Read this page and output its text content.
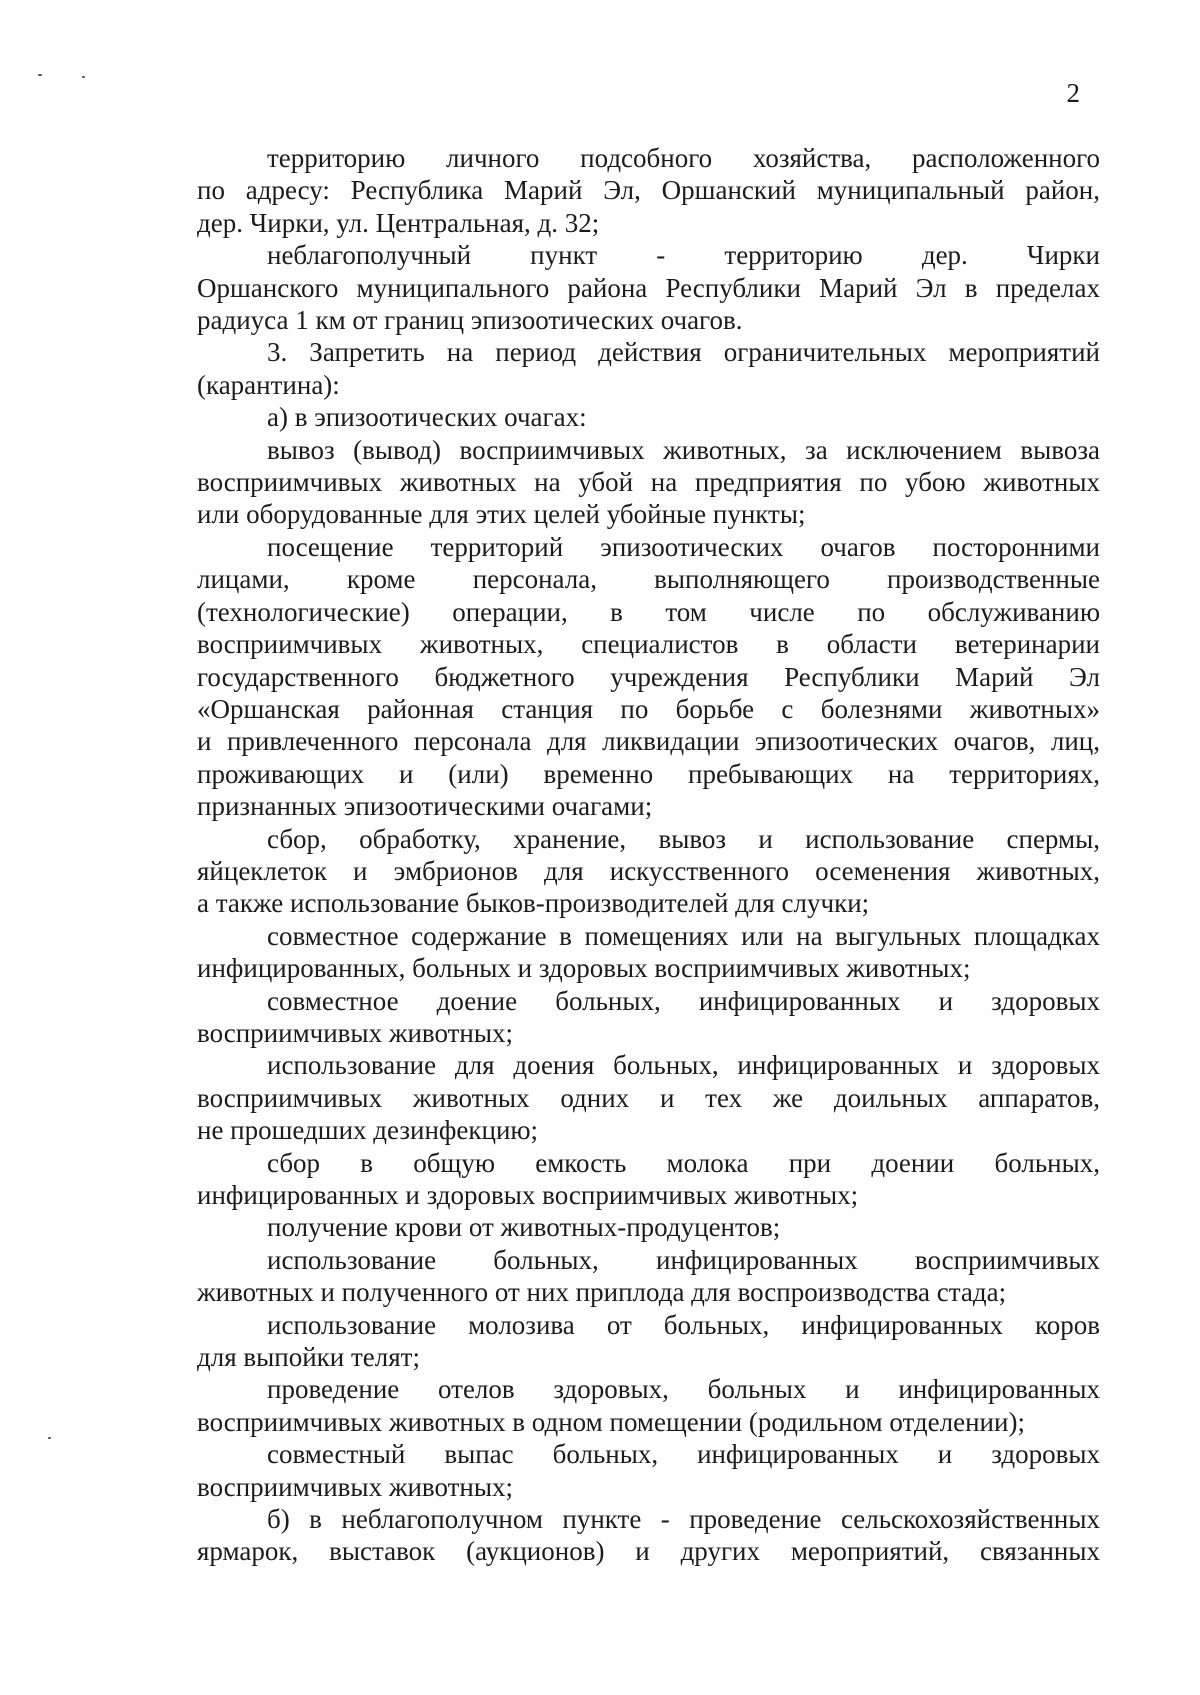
2
территорию личного подсобного хозяйства, расположенного
по адресу: Республика Марий Эл, Оршанский муниципальный район,
дер. Чирки, ул. Центральная, д. 32;
неблагополучный пункт - территорию дер. Чирки
Оршанского муниципального района Республики Марий Эл в пределах
радиуса 1 км от границ эпизоотических очагов.
3. Запретить на период действия ограничительных мероприятий
(карантина):
а) в эпизоотических очагах:
вывоз (вывод) восприимчивых животных, за исключением вывоза
восприимчивых животных на убой на предприятия по убою животных
или оборудованные для этих целей убойные пункты;
посещение территорий эпизоотических очагов посторонними
лицами, кроме персонала, выполняющего производственные
(технологические) операции, в том числе по обслуживанию
восприимчивых животных, специалистов в области ветеринарии
государственного бюджетного учреждения Республики Марий Эл
«Оршанская районная станция по борьбе с болезнями животных»
и привлеченного персонала для ликвидации эпизоотических очагов, лиц,
проживающих и (или) временно пребывающих на территориях,
признанных эпизоотическими очагами;
сбор, обработку, хранение, вывоз и использование спермы,
яйцеклеток и эмбрионов для искусственного осеменения животных,
а также использование быков-производителей для случки;
совместное содержание в помещениях или на выгульных площадках
инфицированных, больных и здоровых восприимчивых животных;
совместное доение больных, инфицированных и здоровых
восприимчивых животных;
использование для доения больных, инфицированных и здоровых
восприимчивых животных одних и тех же доильных аппаратов,
не прошедших дезинфекцию;
сбор в общую емкость молока при доении больных,
инфицированных и здоровых восприимчивых животных;
получение крови от животных-продуцентов;
использование больных, инфицированных восприимчивых
животных и полученного от них приплода для воспроизводства стада;
использование молозива от больных, инфицированных коров
для выпойки телят;
проведение отелов здоровых, больных и инфицированных
восприимчивых животных в одном помещении (родильном отделении);
совместный выпас больных, инфицированных и здоровых
восприимчивых животных;
б) в неблагополучном пункте - проведение сельскохозяйственных
ярмарок, выставок (аукционов) и других мероприятий, связанных
